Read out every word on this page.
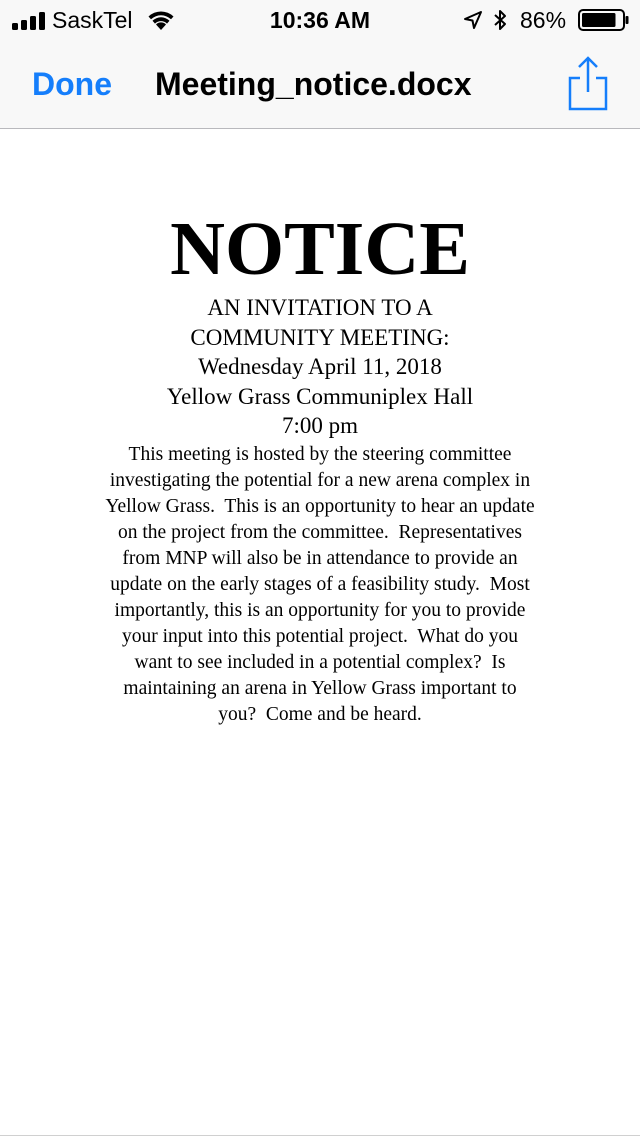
SaskTel	10:36 AM	86%
Done Meeting_notice.docx
NOTICE

AN INVITATION TO A

COMMUNITY MEETING:

Wednesday April 11, 2018

Yellow Grass Communiplex Hall

7:00 pm

This meeting is hosted by the steering committee
investigating the potential for a new arena complex in
Yellow Grass.  This is an opportunity to hear an update
on the project from the committee.  Representatives
from MNP will also be in attendance to provide an
update on the early stages of a feasibility study.  Most
importantly, this is an opportunity for you to provide
your input into this potential project.  What do you
want to see included in a potential complex?  Is
maintaining an arena in Yellow Grass important to
you?  Come and be heard.
